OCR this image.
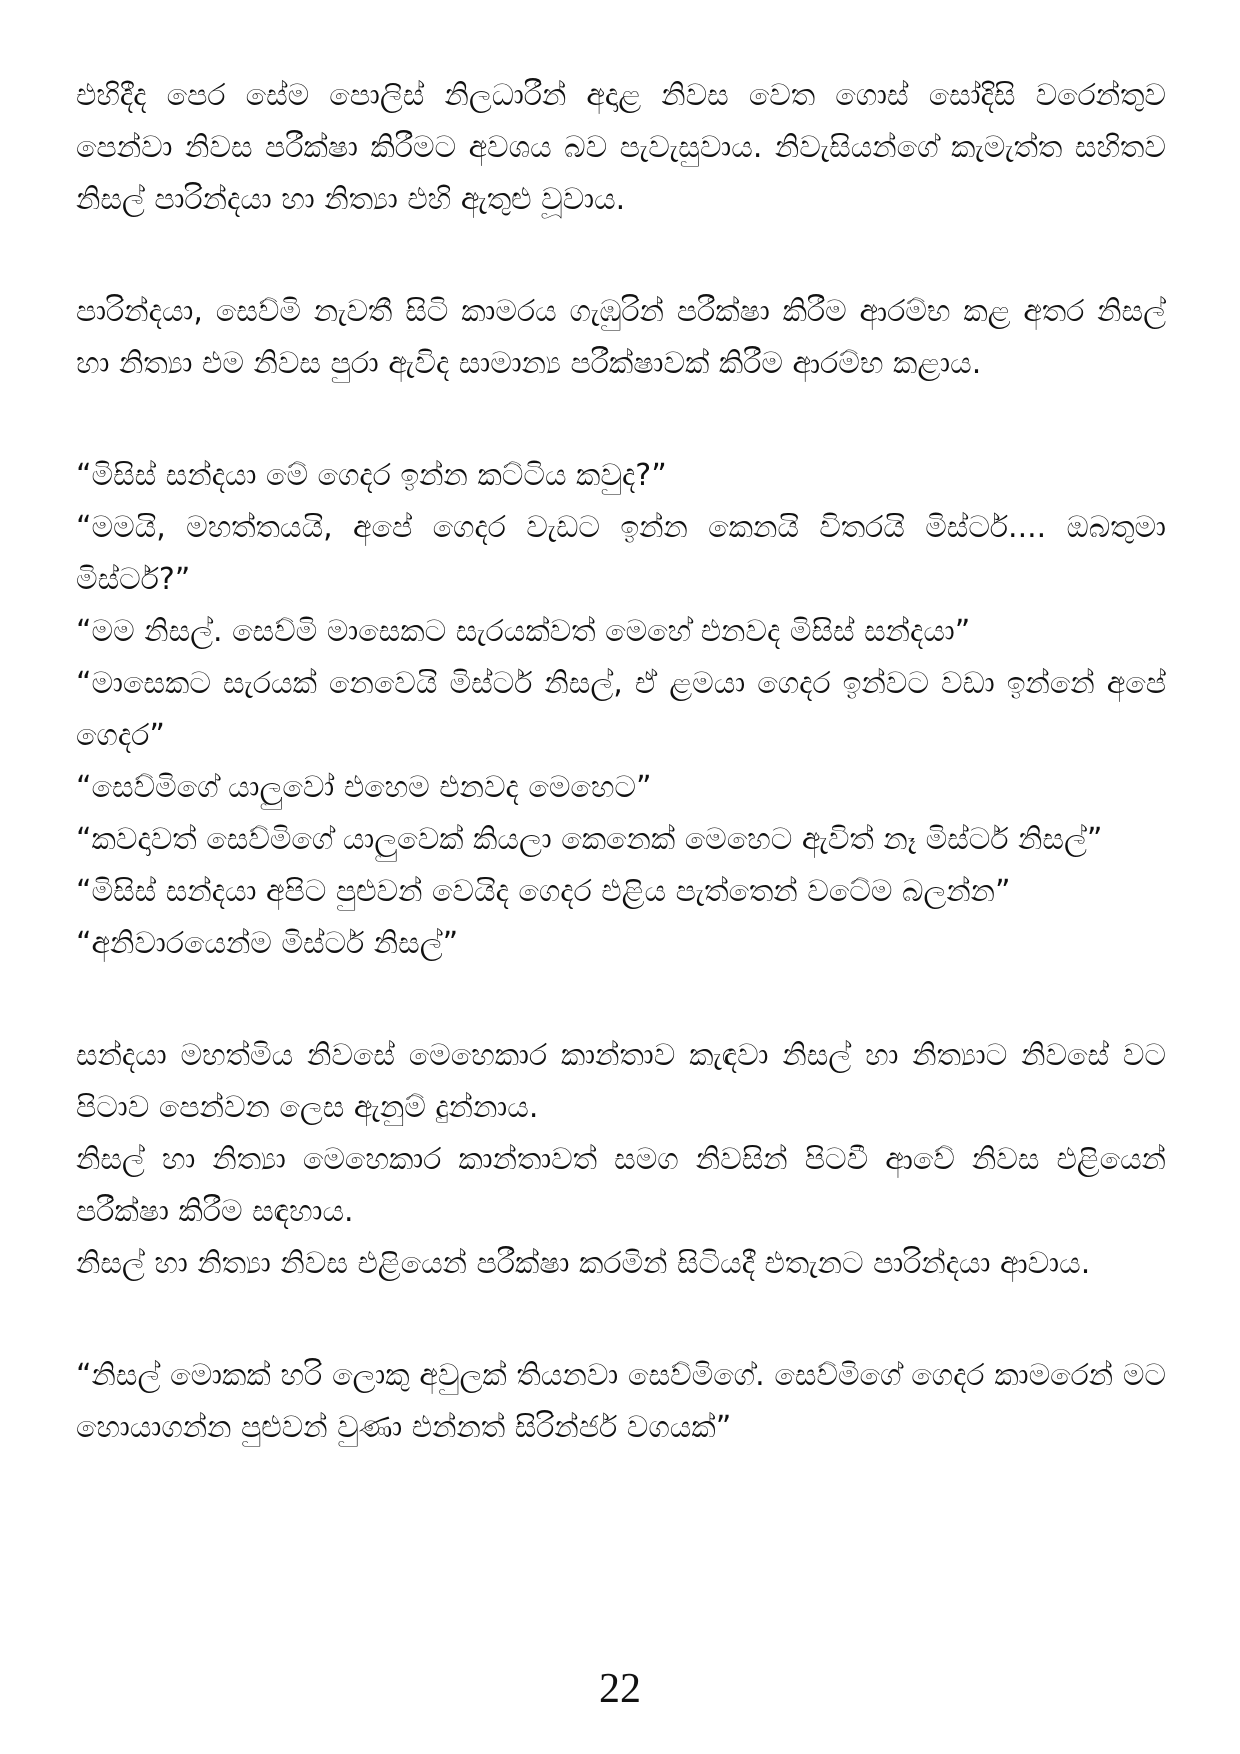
එහිදීද පෙර සේම පොලිස් නිලධාරීන් අදාළ නිවස වෙත ගොස් සෝදිසි වරෙන්තුව පෙන්වා නිවස පරීක්ෂා කිරීමට අවශය බව පැවැසුවාය. නිවැසියන්ගේ කැමැත්ත සහිතව නිසල් පාරින්දයා හා නිත්‍යා එහි ඇතුළු වූවාය.

පාරින්දයා, සෙව්මි නැවතී සිටි කාමරය ගැඹුරින් පරීක්ෂා කිරීම ආරම්භ කළ අතර නිසල් හා නිත්‍යා එම නිවස පුරා ඇවිද සාමාන්‍ය පරීක්ෂාවක් කිරීම ආරම්භ කළාය.

“මිසිස් සන්දයා මේ ගෙදර ඉන්න කට්ටිය කවුද?”

“මමයි, මහත්තයයි, අපේ ගෙදර වැඩට ඉන්න කෙනයි විතරයි මිස්ටර්.... ඔබතුමා මිස්ටර්?”

“මම නිසල්. සෙව්මි මාසෙකට සැරයක්වත් මෙහේ එනවද මිසිස් සන්දයා”

“මාසෙකට සැරයක් නෙවෙයි මිස්ටර් නිසල්, ඒ ළමයා ගෙදර ඉන්වට වඩා ඉන්නේ අපේ ගෙදර”

“සෙව්මිගේ යාලුවෝ එහෙම එනවද මෙහෙට”

“කවදාවත් සෙව්මිගේ යාලුවෙක් කියලා කෙනෙක් මෙහෙට ඇවිත් නෑ මිස්ටර් නිසල්”

“මිසිස් සන්දයා අපිට පුළුවන් වෙයිද ගෙදර එළිය පැත්තෙන් වටේම බලන්න”

“අනිවාරයෙන්ම මිස්ටර් නිසල්”

සන්දයා මහත්මිය නිවසේ මෙහෙකාර කාන්තාව කැඳවා නිසල් හා නිත්‍යාට නිවසේ වට පිටාව පෙන්වන ලෙස ඇනුම් දුන්නාය.

නිසල් හා නිත්‍යා මෙහෙකාර කාන්තාවත් සමග නිවසින් පිටවී ආවේ නිවස එළියෙන් පරීක්ෂා කිරීම සඳහාය.

නිසල් හා නිත්‍යා නිවස එළියෙන් පරීක්ෂා කරමින් සිටියදී එතැනට පාරින්දයා ආවාය.

“නිසල් මොකක් හරි ලොකු අවුලක් තියනවා සෙව්මිගේ. සෙව්මිගේ ගෙදර කාමරෙන් මට හොයාගන්න පුළුවන් වුණා එන්නත් සිරින්ජර් වගයක්”

22
